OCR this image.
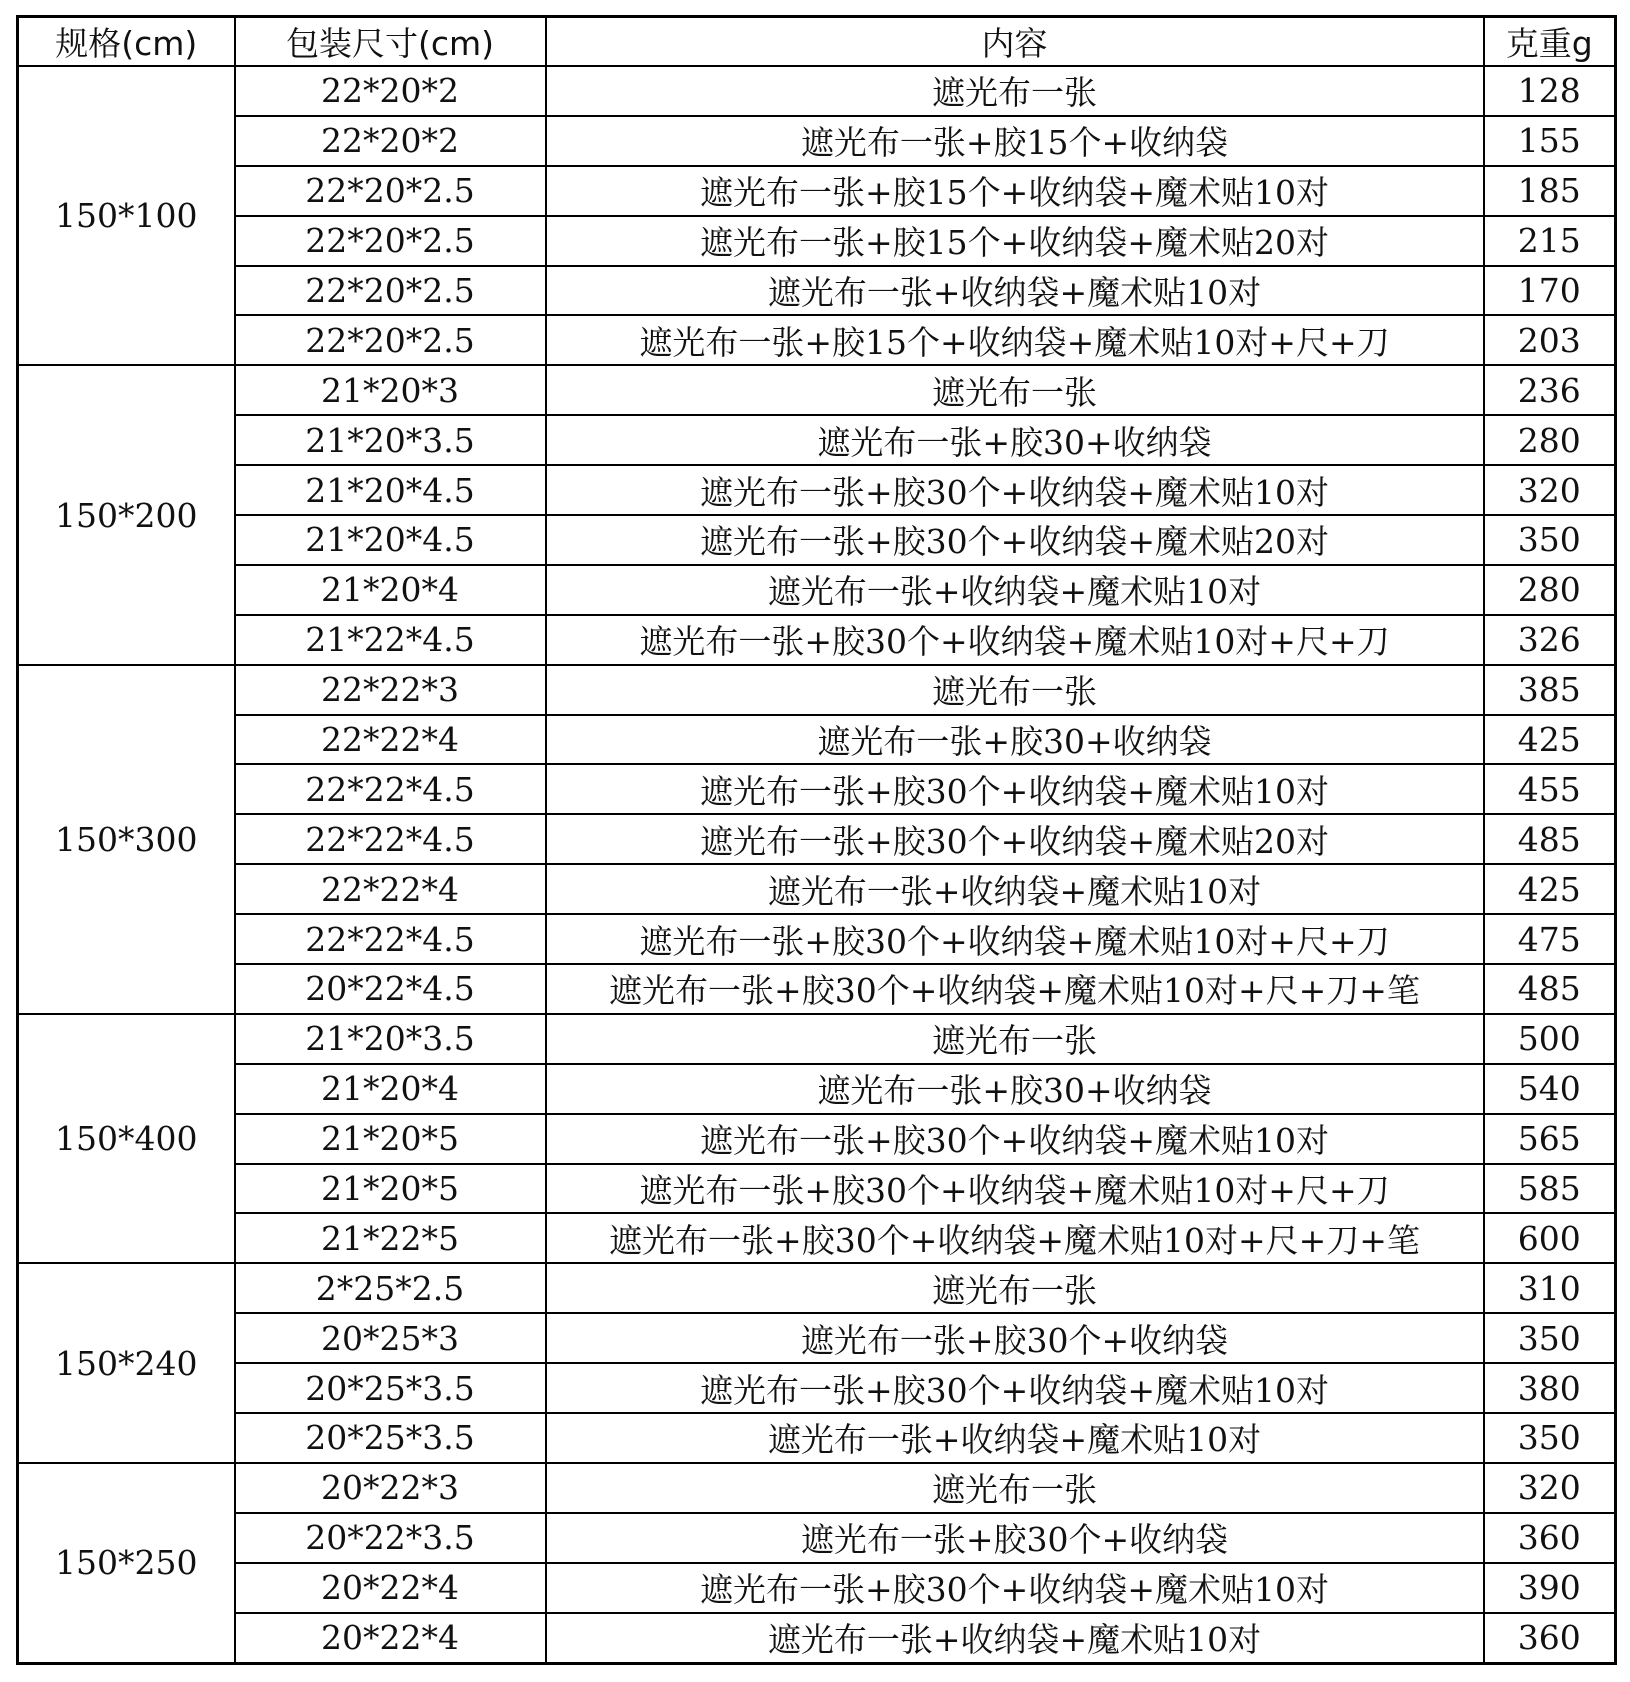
规格(cm)	包装尺寸(cm)	内容	克重g
150*100	22*20*2	遮光布一张	128
	22*20*2	遮光布一张+胶15个+收纳袋	155
	22*20*2.5	遮光布一张+胶15个+收纳袋+魔术贴10对	185
	22*20*2.5	遮光布一张+胶15个+收纳袋+魔术贴20对	215
	22*20*2.5	遮光布一张+收纳袋+魔术贴10对	170
	22*20*2.5	遮光布一张+胶15个+收纳袋+魔术贴10对+尺+刀	203
150*200	21*20*3	遮光布一张	236
	21*20*3.5	遮光布一张+胶30+收纳袋	280
	21*20*4.5	遮光布一张+胶30个+收纳袋+魔术贴10对	320
	21*20*4.5	遮光布一张+胶30个+收纳袋+魔术贴20对	350
	21*20*4	遮光布一张+收纳袋+魔术贴10对	280
	21*22*4.5	遮光布一张+胶30个+收纳袋+魔术贴10对+尺+刀	326
150*300	22*22*3	遮光布一张	385
	22*22*4	遮光布一张+胶30+收纳袋	425
	22*22*4.5	遮光布一张+胶30个+收纳袋+魔术贴10对	455
	22*22*4.5	遮光布一张+胶30个+收纳袋+魔术贴20对	485
	22*22*4	遮光布一张+收纳袋+魔术贴10对	425
	22*22*4.5	遮光布一张+胶30个+收纳袋+魔术贴10对+尺+刀	475
	20*22*4.5	遮光布一张+胶30个+收纳袋+魔术贴10对+尺+刀+笔	485
150*400	21*20*3.5	遮光布一张	500
	21*20*4	遮光布一张+胶30+收纳袋	540
	21*20*5	遮光布一张+胶30个+收纳袋+魔术贴10对	565
	21*20*5	遮光布一张+胶30个+收纳袋+魔术贴10对+尺+刀	585
	21*22*5	遮光布一张+胶30个+收纳袋+魔术贴10对+尺+刀+笔	600
150*240	2*25*2.5	遮光布一张	310
	20*25*3	遮光布一张+胶30个+收纳袋	350
	20*25*3.5	遮光布一张+胶30个+收纳袋+魔术贴10对	380
	20*25*3.5	遮光布一张+收纳袋+魔术贴10对	350
150*250	20*22*3	遮光布一张	320
	20*22*3.5	遮光布一张+胶30个+收纳袋	360
	20*22*4	遮光布一张+胶30个+收纳袋+魔术贴10对	390
	20*22*4	遮光布一张+收纳袋+魔术贴10对	360
